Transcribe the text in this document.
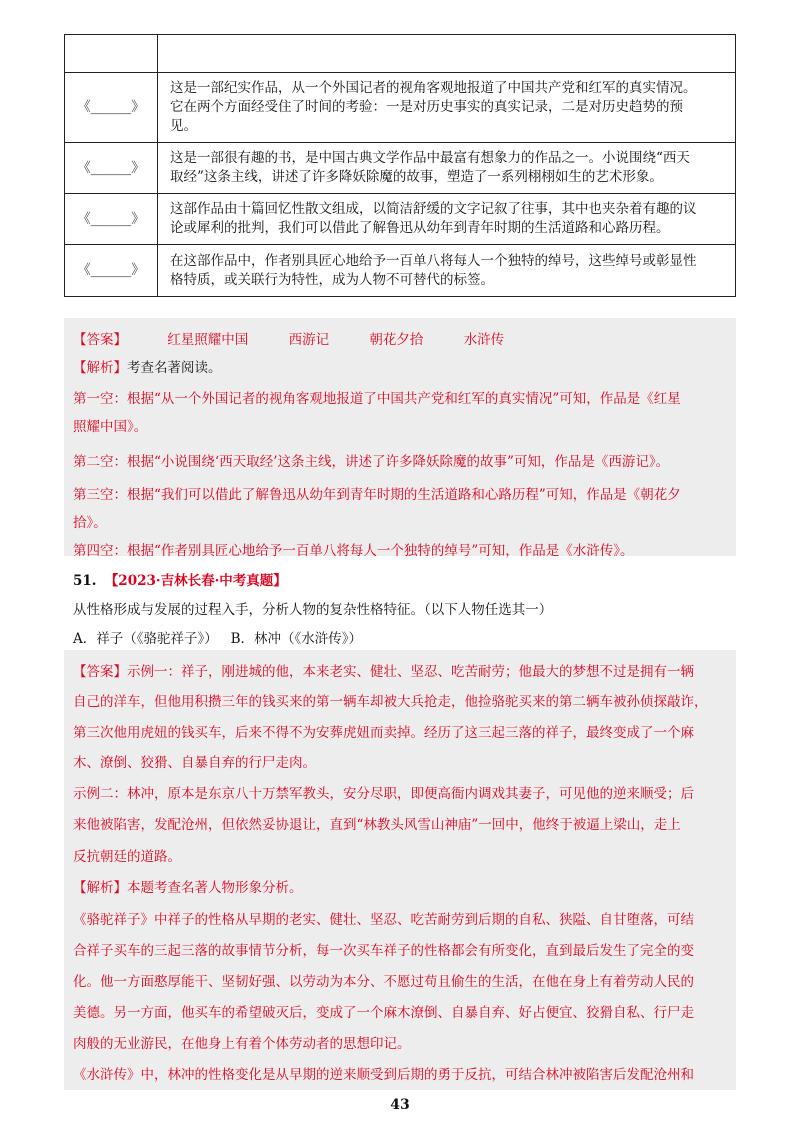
《______》	这是一部纪实作品，从一个外国记者的视角客观地报道了中国共产党和红军的真实情况。
它在两个方面经受住了时间的考验：一是对历史事实的真实记录，二是对历史趋势的预
见。

《______》	这是一部很有趣的书，是中国古典文学作品中最富有想象力的作品之一。小说围绕“西天
取经”这条主线，讲述了许多降妖除魔的故事，塑造了一系列栩栩如生的艺术形象。

《______》	这部作品由十篇回忆性散文组成，以简洁舒缓的文字记叙了往事，其中也夹杂着有趣的议
论或犀利的批判，我们可以借此了解鲁迅从幼年到青年时期的生活道路和心路历程。

《______》	在这部作品中，作者别具匠心地给予一百单八将每人一个独特的绰号，这些绰号或彰显性
格特质，或关联行为特性，成为人物不可替代的标签。
【答案】	红星照耀中国	西游记	朝花夕拾	水浒传
【解析】考查名著阅读。
第一空：根据“从一个外国记者的视角客观地报道了中国共产党和红军的真实情况”可知，作品是《红星
照耀中国》。
第二空：根据“小说围绕‘西天取经’这条主线，讲述了许多降妖除魔的故事”可知，作品是《西游记》。
第三空：根据“我们可以借此了解鲁迅从幼年到青年时期的生活道路和心路历程”可知，作品是《朝花夕
拾》。
第四空：根据“作者别具匠心地给予一百单八将每人一个独特的绰号”可知，作品是《水浒传》。
51. 【2023·吉林长春·中考真题】
从性格形成与发展的过程入手，分析人物的复杂性格特征。（以下人物任选其一）
A．祥子（《骆驼祥子》）   B．林冲（《水浒传》）
【答案】示例一：祥子，刚进城的他，本来老实、健壮、坚忍、吃苦耐劳；他最大的梦想不过是拥有一辆
自己的洋车，但他用积攒三年的钱买来的第一辆车却被大兵抢走，他捡骆驼买来的第二辆车被孙侦探敲诈，
第三次他用虎妞的钱买车，后来不得不为安葬虎妞而卖掉。经历了这三起三落的祥子，最终变成了一个麻
木、潦倒、狡猾、自暴自弃的行尸走肉。
示例二：林冲，原本是东京八十万禁军教头，安分尽职，即便高衙内调戏其妻子，可见他的逆来顺受；后
来他被陷害，发配沧州，但依然妥协退让，直到“林教头风雪山神庙”一回中，他终于被逼上梁山，走上
反抗朝廷的道路。
【解析】本题考查名著人物形象分析。
《骆驼祥子》中祥子的性格从早期的老实、健壮、坚忍、吃苦耐劳到后期的自私、狭隘、自甘堕落，可结
合祥子买车的三起三落的故事情节分析，每一次买车祥子的性格都会有所变化，直到最后发生了完全的变
化。他一方面憨厚能干、坚韧好强、以劳动为本分、不愿过苟且偷生的生活，在他在身上有着劳动人民的
美德。另一方面，他买车的希望破灭后，变成了一个麻木潦倒、自暴自弃、好占便宜、狡猾自私、行尸走
肉般的无业游民，在他身上有着个体劳动者的思想印记。
《水浒传》中，林冲的性格变化是从早期的逆来顺受到后期的勇于反抗，可结合林冲被陷害后发配沧州和
43
